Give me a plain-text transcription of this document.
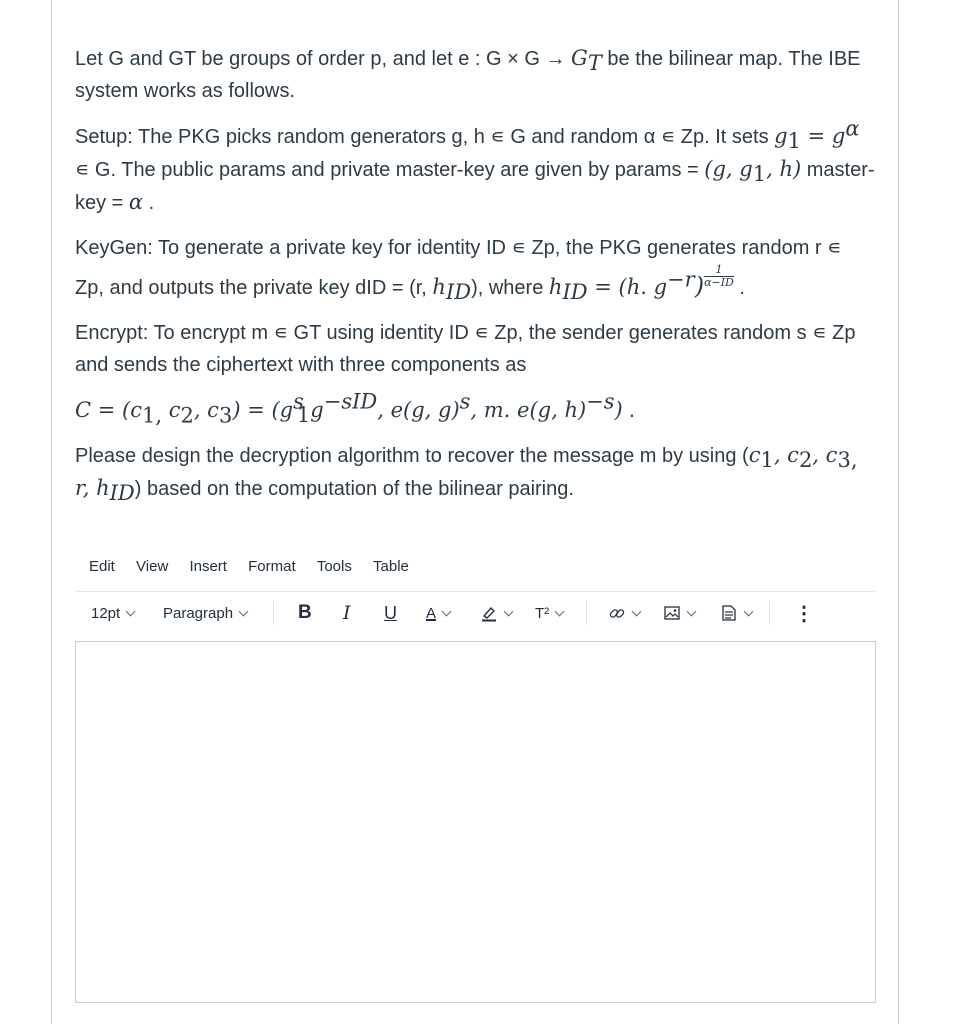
Let G and GT be groups of order p, and let e : $G \times G \to G_T$ be the bilinear map. The IBE system works as follows.

Setup: The PKG picks random generators g, h ∊ G and random α ∊ Zp. It sets $g_1 = g^\alpha$ ∊ G. The public params and private master-key are given by params = (g, $g_1$, h) master-key = α .

KeyGen: To generate a private key for identity ID ∊ Zp, the PKG generates random r ∊ Zp, and outputs the private key dID = (r, $h_{ID}$), where $h_{ID} = (h$. $g^{-r}) \frac{1}{\alpha-ID}$ .

Encrypt: To encrypt m ∊ GT using identity ID ∊ Zp, the sender generates random s ∊ Zp and sends the ciphertext with three components as

$C = (c_{1,}$ $c_2$, $c_3) = (g^s_1g^{-sID}$, e(g, g)$^s$, m. e(g, h)$^{-s}$) .

Please design the decryption algorithm to recover the message m by using ($c_1$, $c_2$, $c_{3,}$ r, $h_{ID}$) based on the computation of the bilinear pairing.

Edit View Insert Format Tools Table
12pt	Paragraph	B I U A	T²	⋮
